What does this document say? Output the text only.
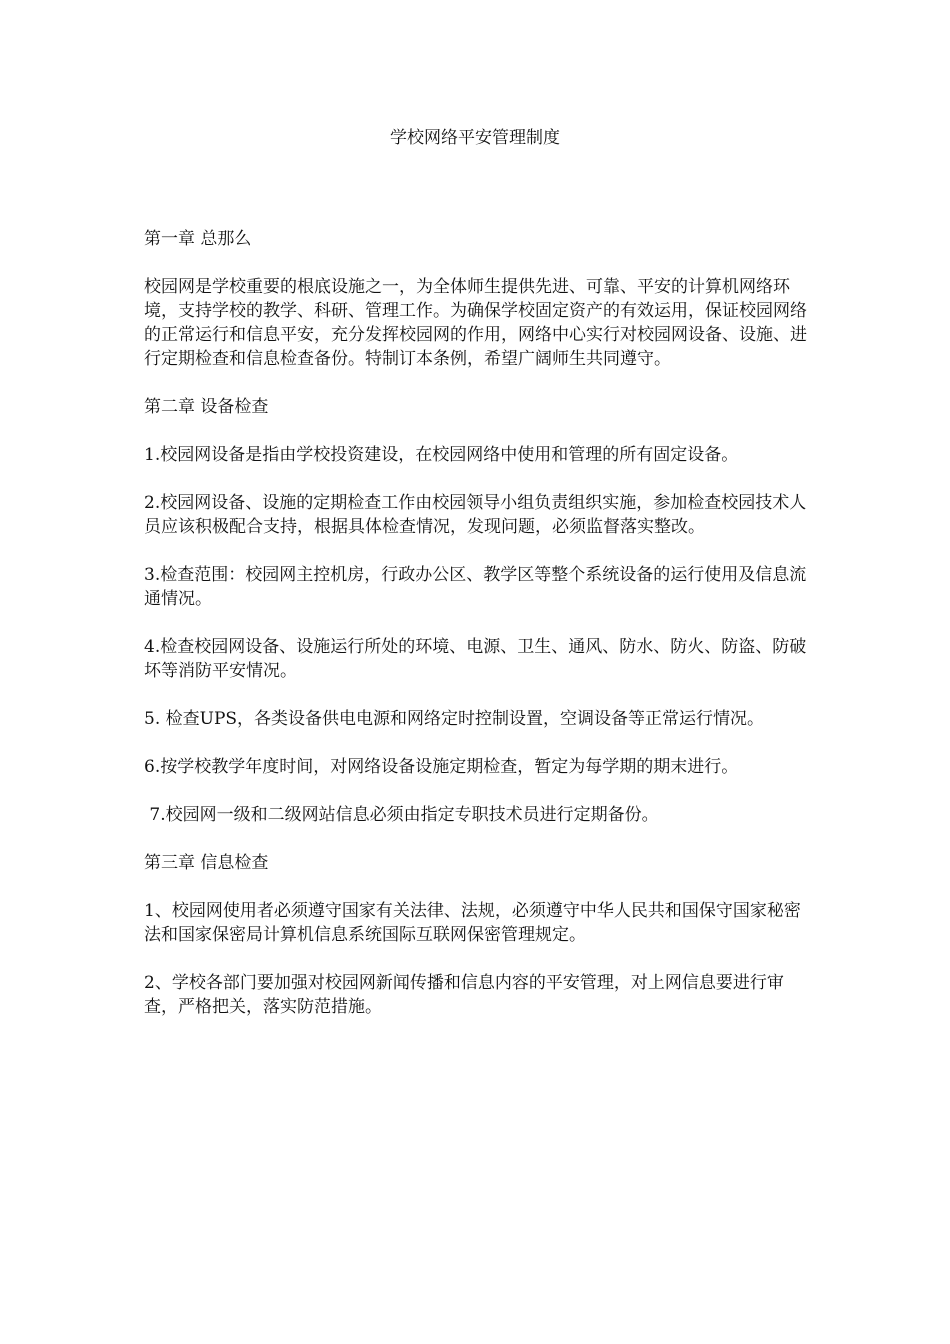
学校网络平安管理制度
第一章 总那么

校园网是学校重要的根底设施之一，为全体师生提供先进、可靠、平安的计算机网络环境，支持学校的教学、科研、管理工作。为确保学校固定资产的有效运用，保证校园网络的正常运行和信息平安，充分发挥校园网的作用，网络中心实行对校园网设备、设施、进行定期检查和信息检查备份。特制订本条例，希望广阔师生共同遵守。

第二章 设备检查

1.校园网设备是指由学校投资建设，在校园网络中使用和管理的所有固定设备。

2.校园网设备、设施的定期检查工作由校园领导小组负责组织实施，参加检查校园技术人员应该积极配合支持，根据具体检查情况，发现问题，必须监督落实整改。

3.检查范围：校园网主控机房，行政办公区、教学区等整个系统设备的运行使用及信息流通情况。

4.检查校园网设备、设施运行所处的环境、电源、卫生、通风、防水、防火、防盗、防破坏等消防平安情况。

5. 检查UPS，各类设备供电电源和网络定时控制设置，空调设备等正常运行情况。

6.按学校教学年度时间，对网络设备设施定期检查，暂定为每学期的期末进行。

7.校园网一级和二级网站信息必须由指定专职技术员进行定期备份。

第三章 信息检查

1、校园网使用者必须遵守国家有关法律、法规，必须遵守中华人民共和国保守国家秘密法和国家保密局计算机信息系统国际互联网保密管理规定。

2、学校各部门要加强对校园网新闻传播和信息内容的平安管理，对上网信息要进行审查，严格把关，落实防范措施。
